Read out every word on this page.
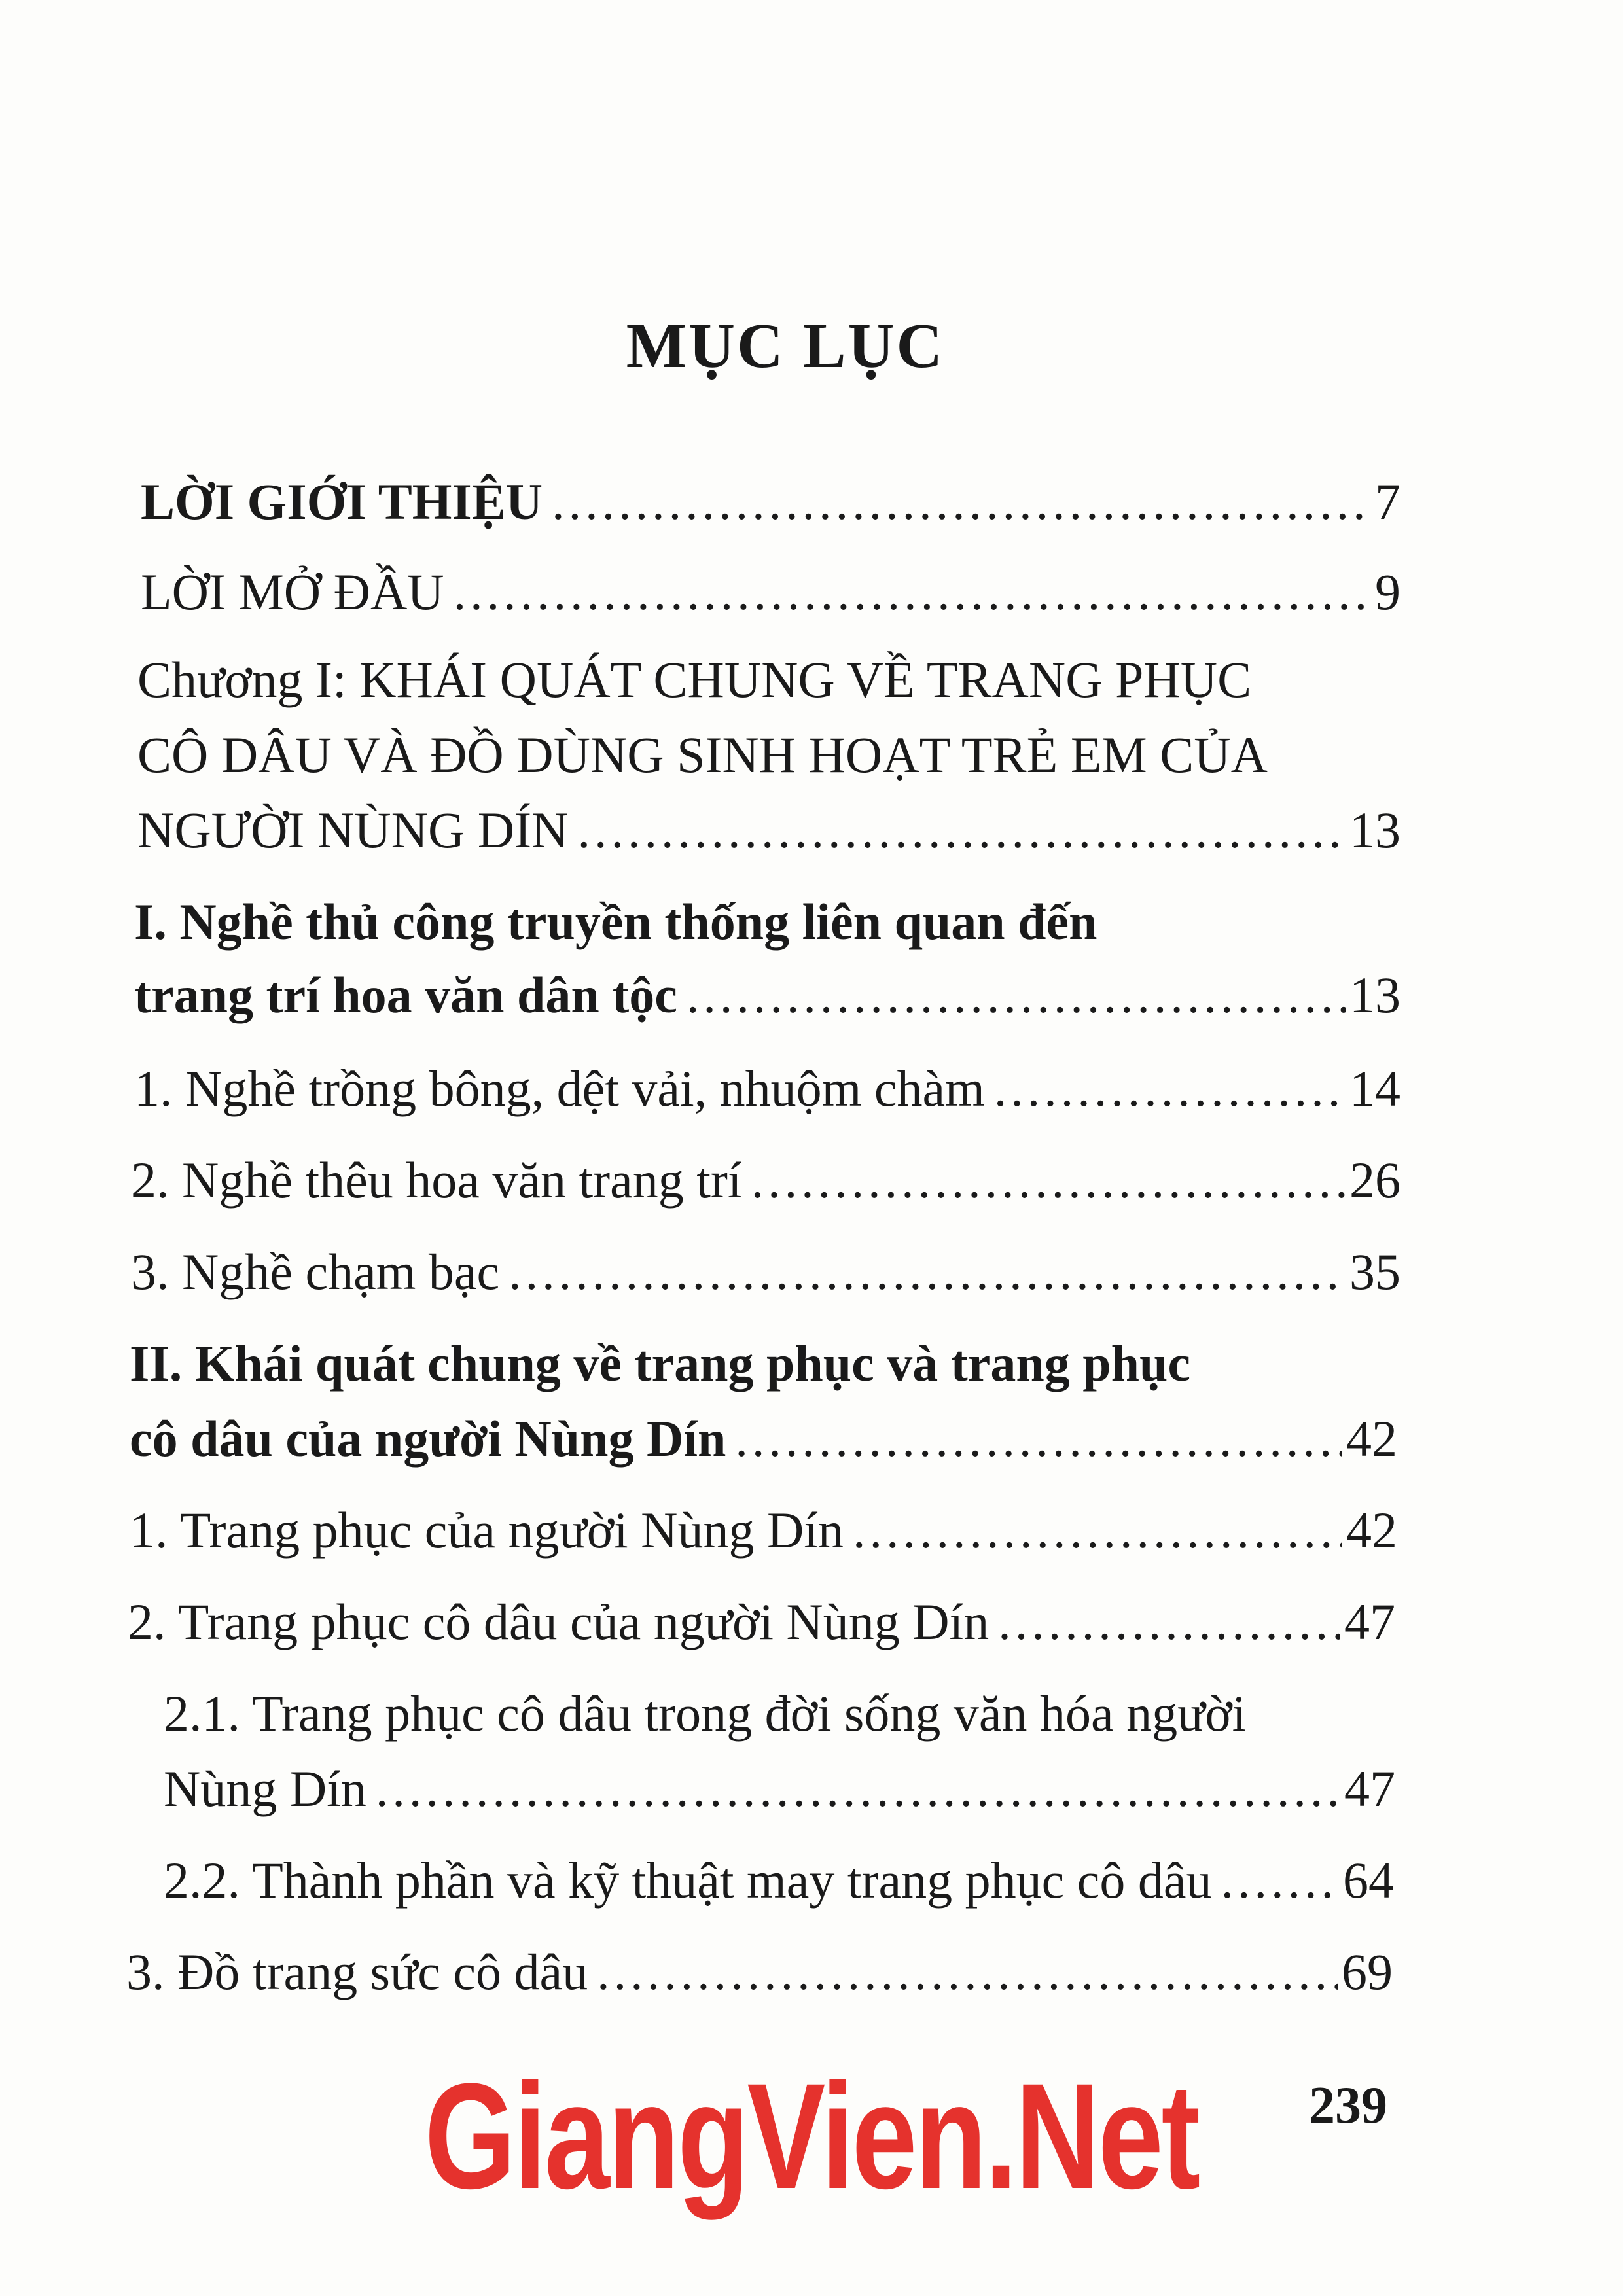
MỤC LỤC
LỜI GIỚI THIỆU .....	7
LỜI MỞ ĐẦU .....	9
Chương I: KHÁI QUÁT CHUNG VỀ TRANG PHỤC
CÔ DÂU VÀ ĐỒ DÙNG SINH HOẠT TRẺ EM CỦA
NGƯỜI NÙNG DÍN .....	13
I. Nghề thủ công truyền thống liên quan đến
trang trí hoa văn dân tộc .....	13
1. Nghề trồng bông, dệt vải, nhuộm chàm .....	14
2. Nghề thêu hoa văn trang trí .....	26
3. Nghề chạm bạc .....	35
II. Khái quát chung về trang phục và trang phục
cô dâu của người Nùng Dín .....	42
1. Trang phục của người Nùng Dín .....	42
2. Trang phục cô dâu của người Nùng Dín .....	47
2.1. Trang phục cô dâu trong đời sống văn hóa người
Nùng Dín .....	47
2.2. Thành phần và kỹ thuật may trang phục cô dâu .....	64
3. Đồ trang sức cô dâu .....	69
GiangVien.Net	239
